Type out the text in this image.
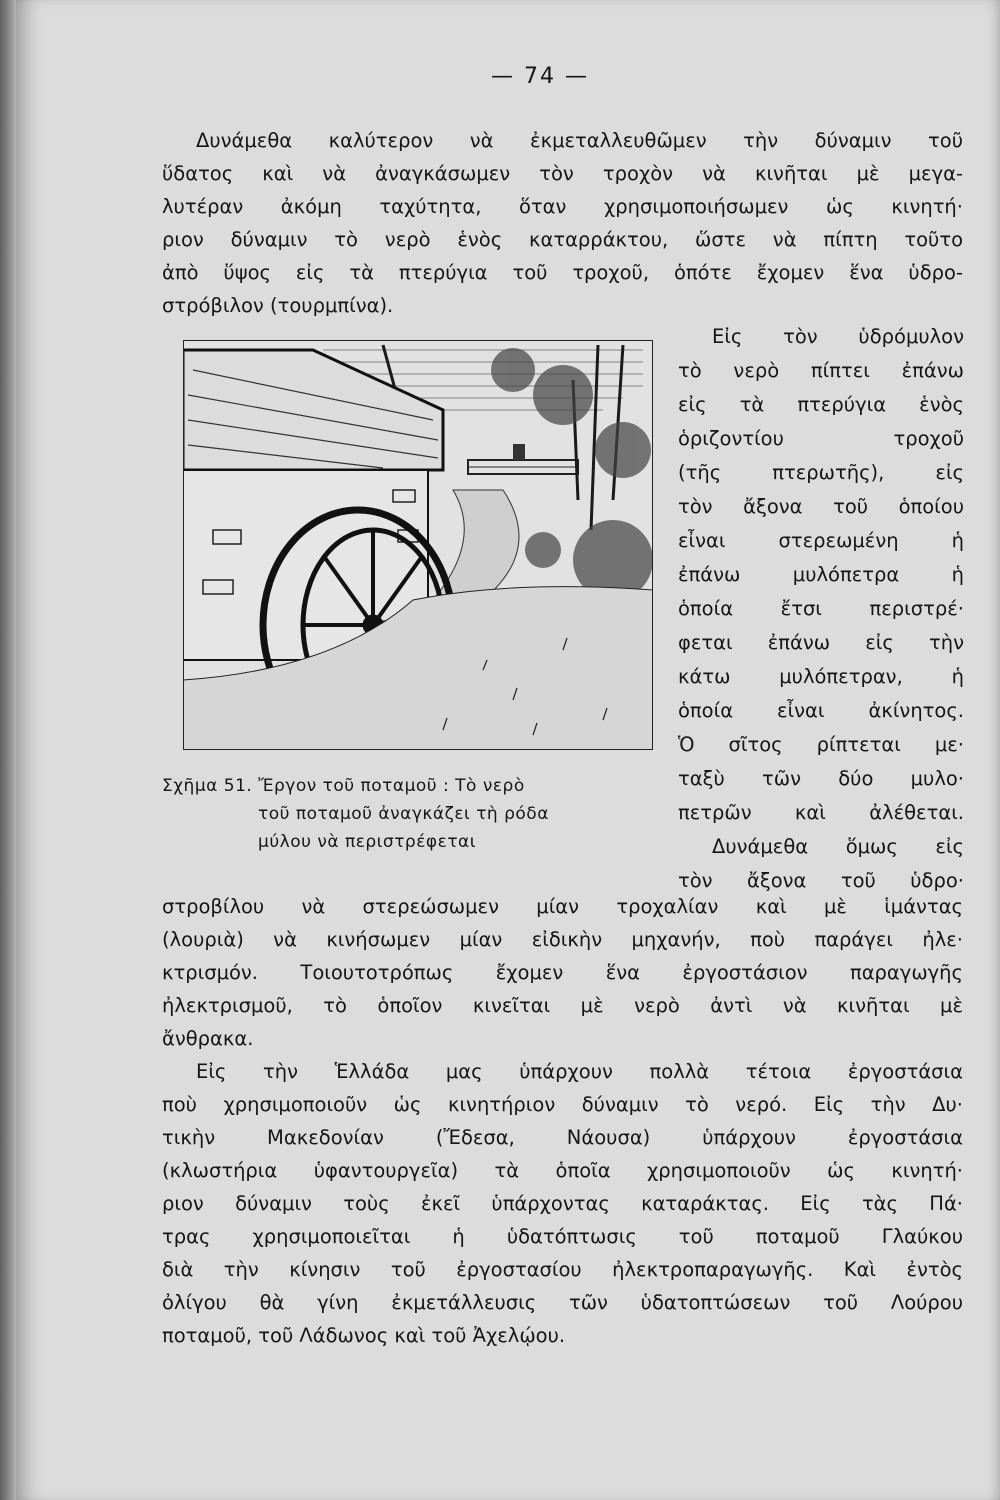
— 74 —
Δυνάμεθα καλύτερον νὰ ἐκμεταλλευθῶμεν τὴν δύναμιν τοῦ
ὕδατος καὶ νὰ ἀναγκάσωμεν τὸν τροχὸν νὰ κινῆται μὲ μεγα-
λυτέραν ἀκόμη ταχύτητα, ὅταν χρησιμοποιήσωμεν ὡς κινητή·
ριον δύναμιν τὸ νερὸ ἑνὸς καταρράκτου, ὥστε νὰ πίπτη τοῦτο
ἀπὸ ὕψος εἰς τὰ πτερύγια τοῦ τροχοῦ, ὁπότε ἔχομεν ἕνα ὑδρο-
στρόβιλον (τουρμπίνα).
Σχῆμα 51. Ἔργον τοῦ ποταμοῦ : Τὸ νερὸ
τοῦ ποταμοῦ ἀναγκάζει τὴ ρόδα
μύλου νὰ περιστρέφεται
Εἰς τὸν ὑδρόμυλον
τὸ νερὸ πίπτει ἐπάνω
εἰς τὰ πτερύγια ἑνὸς
ὁριζοντίου τροχοῦ
(τῆς πτερωτῆς), εἰς
τὸν ἄξονα τοῦ ὁποίου
εἶναι στερεωμένη ἡ
ἐπάνω μυλόπετρα ἡ
ὁποία ἔτσι περιστρέ·
φεται ἐπάνω εἰς τὴν
κάτω μυλόπετραν, ἡ
ὁποία εἶναι ἀκίνητος.
Ὁ σῖτος ρίπτεται με·
ταξὺ τῶν δύο μυλο·
πετρῶν καὶ ἀλέθεται.
Δυνάμεθα ὅμως εἰς
τὸν ἄξονα τοῦ ὑδρο·
στροβίλου νὰ στερεώσωμεν μίαν τροχαλίαν καὶ μὲ ἱμάντας
(λουριὰ) νὰ κινήσωμεν μίαν εἰδικὴν μηχανήν, ποὺ παράγει ἠλε·
κτρισμόν. Τοιουτοτρόπως ἔχομεν ἕνα ἐργοστάσιον παραγωγῆς
ἠλεκτρισμοῦ, τὸ ὁποῖον κινεῖται μὲ νερὸ ἀντὶ νὰ κινῆται μὲ
ἄνθρακα.
Εἰς τὴν Ἑλλάδα μας ὑπάρχουν πολλὰ τέτοια ἐργοστάσια
ποὺ χρησιμοποιοῦν ὡς κινητήριον δύναμιν τὸ νερό. Εἰς τὴν Δυ·
τικὴν Μακεδονίαν (Ἔδεσα, Νάουσα) ὑπάρχουν ἐργοστάσια
(κλωστήρια ὑφαντουργεῖα) τὰ ὁποῖα χρησιμοποιοῦν ὡς κινητή·
ριον δύναμιν τοὺς ἐκεῖ ὑπάρχοντας καταράκτας. Εἰς τὰς Πά·
τρας χρησιμοποιεῖται ἡ ὑδατόπτωσις τοῦ ποταμοῦ Γλαύκου
διὰ τὴν κίνησιν τοῦ ἐργοστασίου ἠλεκτροπαραγωγῆς. Καὶ ἐντὸς
ὀλίγου θὰ γίνη ἐκμετάλλευσις τῶν ὑδατοπτώσεων τοῦ Λούρου
ποταμοῦ, τοῦ Λάδωνος καὶ τοῦ Ἀχελῴου.
